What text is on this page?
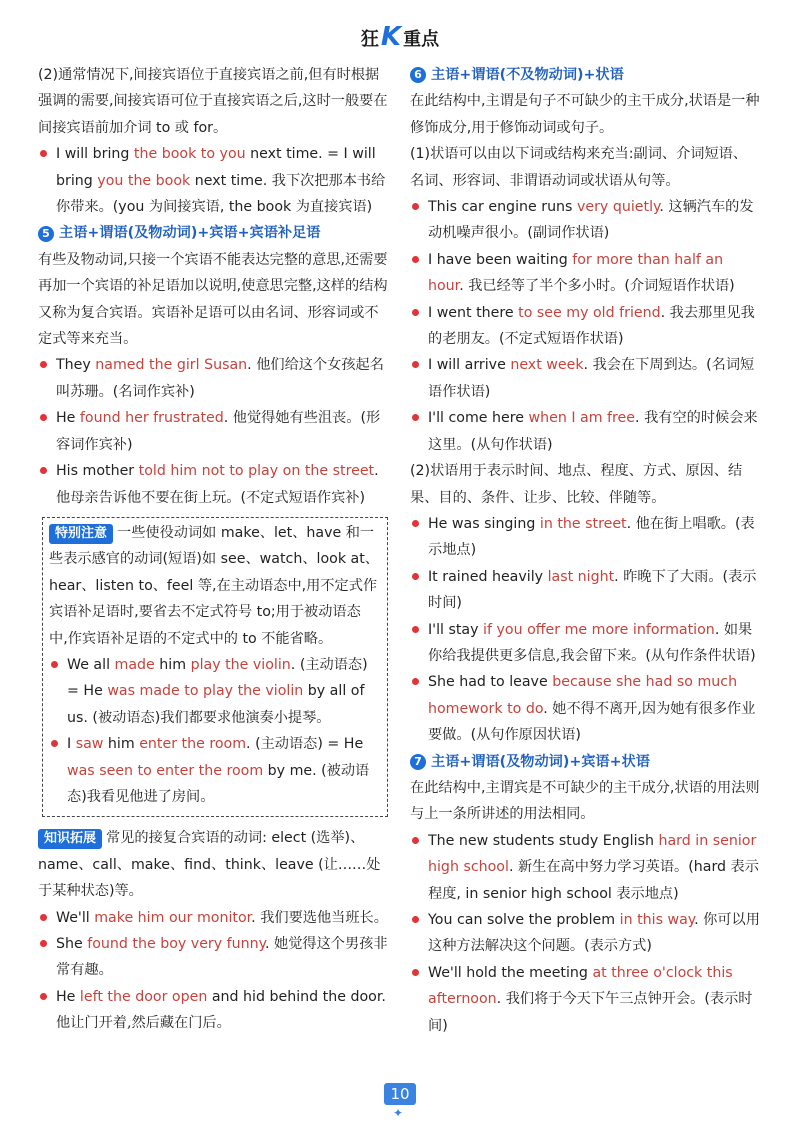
狂K 重点

(2)通常情况下,间接宾语位于直接宾语之前,但有时根据强调的需要,间接宾语可位于直接宾语之后,这时一般要在间接宾语前加介词 to 或 for。

I will bring the book to you next time. = I will bring you the book next time. 我下次把那本书给你带来。(you 为间接宾语, the book 为直接宾语)

5 主语+谓语(及物动词)+宾语+宾语补足语

有些及物动词,只接一个宾语不能表达完整的意思,还需要再加一个宾语的补足语加以说明,使意思完整,这样的结构又称为复合宾语。宾语补足语可以由名词、形容词或不定式等来充当。

They named the girl Susan. 他们给这个女孩起名叫苏珊。(名词作宾补)

He found her frustrated. 他觉得她有些沮丧。(形容词作宾补)

His mother told him not to play on the street. 他母亲告诉他不要在街上玩。(不定式短语作宾补)

特别注意 一些使役动词如 make、let、have 和一些表示感官的动词(短语)如 see、watch、look at、hear、listen to、feel 等,在主动语态中,用不定式作宾语补足语时,要省去不定式符号 to;用于被动语态中,作宾语补足语的不定式中的 to 不能省略。

We all made him play the violin. (主动语态)
= He was made to play the violin by all of us. (被动语态)我们都要求他演奏小提琴。

I saw him enter the room. (主动语态) = He was seen to enter the room by me. (被动语态)我看见他进了房间。

知识拓展 常见的接复合宾语的动词: elect (选举)、name、call、make、find、think、leave (让……处于某种状态)等。

We'll make him our monitor. 我们要选他当班长。

She found the boy very funny. 她觉得这个男孩非常有趣。

He left the door open and hid behind the door. 他让门开着,然后藏在门后。

6 主语+谓语(不及物动词)+状语

在此结构中,主谓是句子不可缺少的主干成分,状语是一种修饰成分,用于修饰动词或句子。

(1)状语可以由以下词或结构来充当:副词、介词短语、名词、形容词、非谓语动词或状语从句等。

This car engine runs very quietly. 这辆汽车的发动机噪声很小。(副词作状语)

I have been waiting for more than half an hour. 我已经等了半个多小时。(介词短语作状语)

I went there to see my old friend. 我去那里见我的老朋友。(不定式短语作状语)

I will arrive next week. 我会在下周到达。(名词短语作状语)

I'll come here when I am free. 我有空的时候会来这里。(从句作状语)

(2)状语用于表示时间、地点、程度、方式、原因、结果、目的、条件、让步、比较、伴随等。

He was singing in the street. 他在街上唱歌。(表示地点)

It rained heavily last night. 昨晚下了大雨。(表示时间)

I'll stay if you offer me more information. 如果你给我提供更多信息,我会留下来。(从句作条件状语)

She had to leave because she had so much homework to do. 她不得不离开,因为她有很多作业要做。(从句作原因状语)

7 主语+谓语(及物动词)+宾语+状语

在此结构中,主谓宾是不可缺少的主干成分,状语的用法则与上一条所讲述的用法相同。

The new students study English hard in senior high school. 新生在高中努力学习英语。(hard 表示程度, in senior high school 表示地点)

You can solve the problem in this way. 你可以用这种方法解决这个问题。(表示方式)

We'll hold the meeting at three o'clock this afternoon. 我们将于今天下午三点钟开会。(表示时间)

10
✦
